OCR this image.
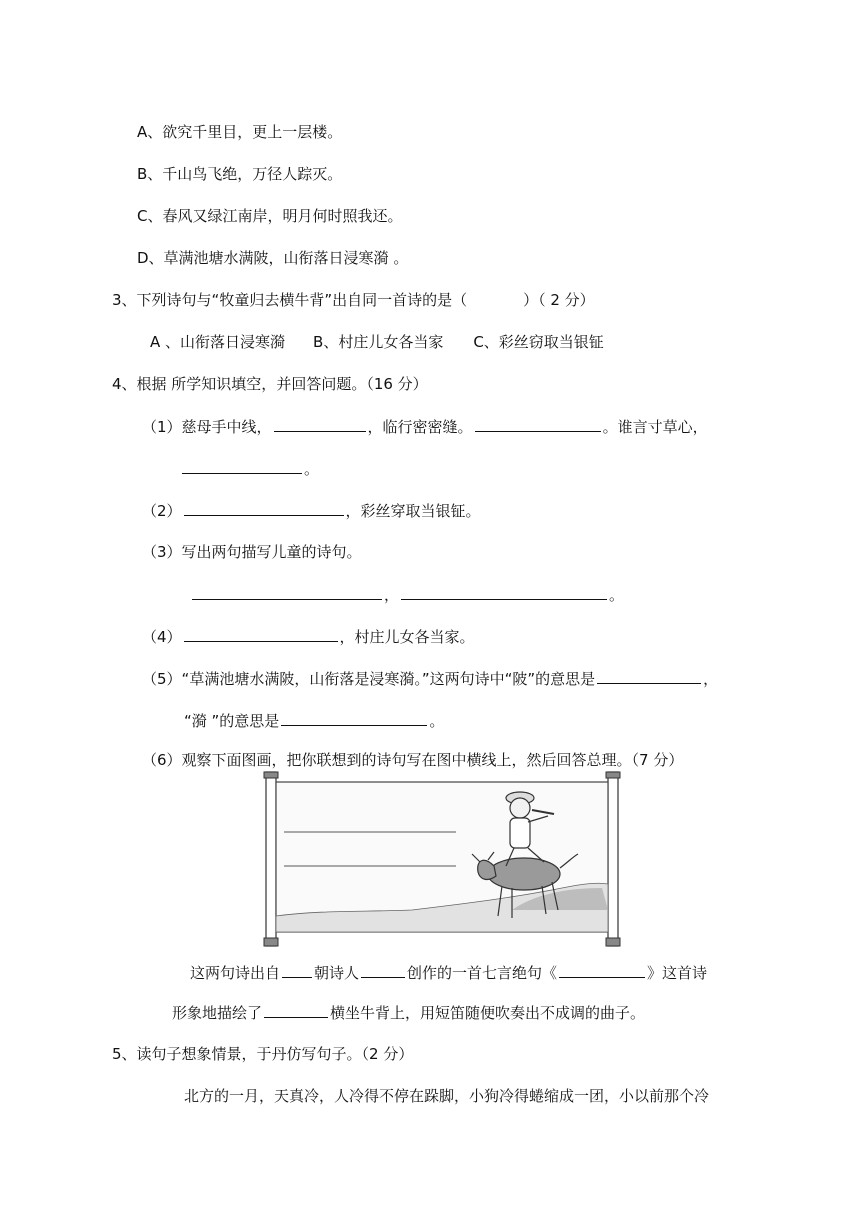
A、欲究千里目，更上一层楼。
B、千山鸟飞绝，万径人踪灭。
C、春风又绿江南岸，明月何时照我还。
D、草满池塘水满陂，山衔落日浸寒漪 。
3、下列诗句与“牧童归去横牛背”出自同一首诗的是（	）（ 2 分）
A 、山衔落日浸寒漪 B、村庄儿女各当家 C、彩丝窃取当银钲
4、根据 所学知识填空，并回答问题。（16 分）
（1）慈母手中线，	，临行密密缝。	。谁言寸草心，
。
（2）	，彩丝穿取当银钲。
（3）写出两句描写儿童的诗句。
，	。
（4）	，村庄儿女各当家。
（5）“草满池塘水满陂，山衔落是浸寒漪。”这两句诗中“陂”的意思是	，
“漪 ”的意思是	。
（6）观察下面图画，把你联想到的诗句写在图中横线上，然后回答总理。（7 分）
这两句诗出自 朝诗人	创作的一首七言绝句《	》这首诗
形象地描绘了	横坐牛背上，用短笛随便吹奏出不成调的曲子。
5、读句子想象情景，于丹仿写句子。（2 分）
北方的一月，天真冷，人冷得不停在跺脚，小狗冷得蜷缩成一团，小以前那个冷
